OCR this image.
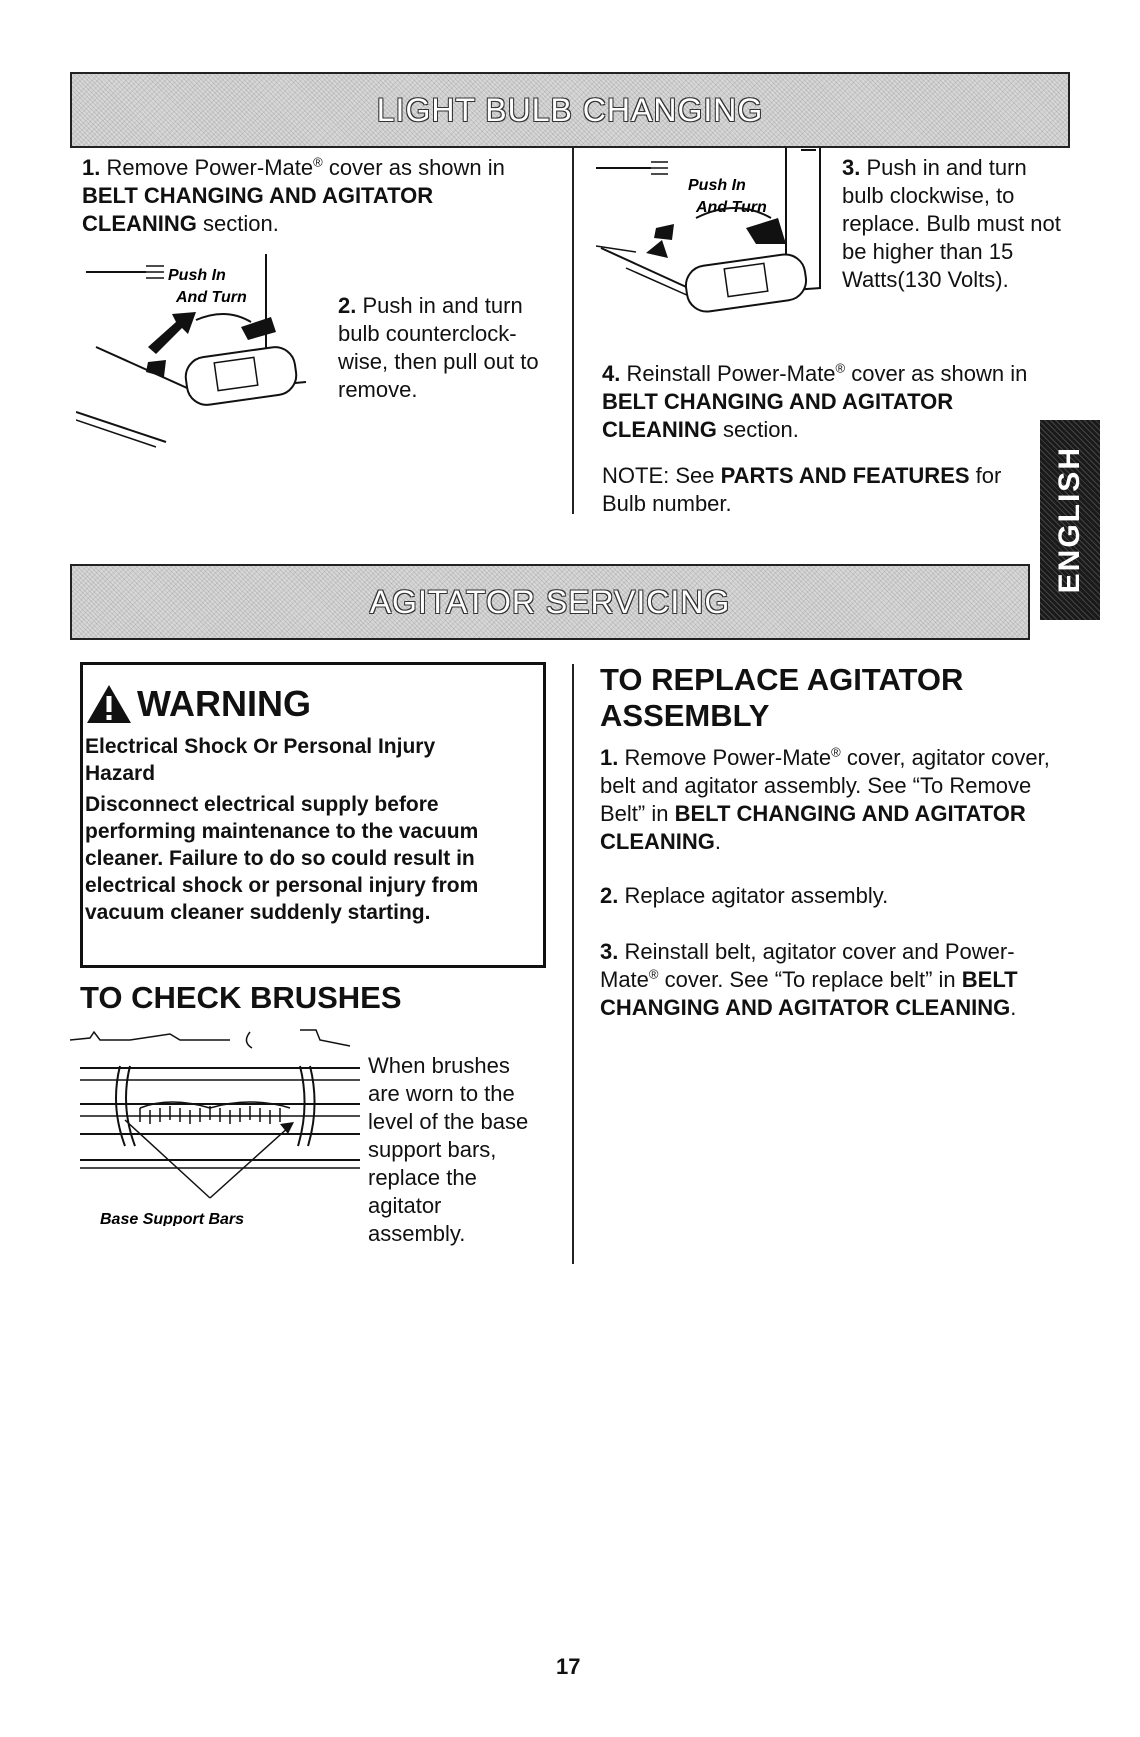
LIGHT BULB CHANGING
1. Remove Power-Mate® cover as shown in
BELT CHANGING AND AGITATOR CLEANING section.
Push In
And Turn	2. Push in and turn bulb counterclock-wise, then pull out to remove.
Push In
And Turn
3. Push in and turn bulb clockwise, to replace. Bulb must not be higher than 15 Watts(130 Volts).
4. Reinstall Power-Mate® cover as shown in
BELT CHANGING AND AGITATOR CLEANING section.
NOTE: See PARTS AND FEATURES for Bulb number.	ENGLISH
AGITATOR SERVICING
WARNING
Electrical Shock Or Personal Injury Hazard
Disconnect electrical supply before performing maintenance to the vacuum cleaner. Failure to do so could result in electrical shock or personal injury from vacuum cleaner suddenly starting.
TO CHECK BRUSHES
Base Support Bars
When brushes are worn to the level of the base support bars, replace the agitator assembly.
TO REPLACE AGITATOR ASSEMBLY
1. Remove Power-Mate® cover, agitator cover, belt and agitator assembly. See “To Remove Belt” in BELT CHANGING AND AGITATOR CLEANING.
2. Replace agitator assembly.
3. Reinstall belt, agitator cover and Power-Mate® cover. See “To replace belt” in BELT CHANGING AND AGITATOR CLEANING.
17
